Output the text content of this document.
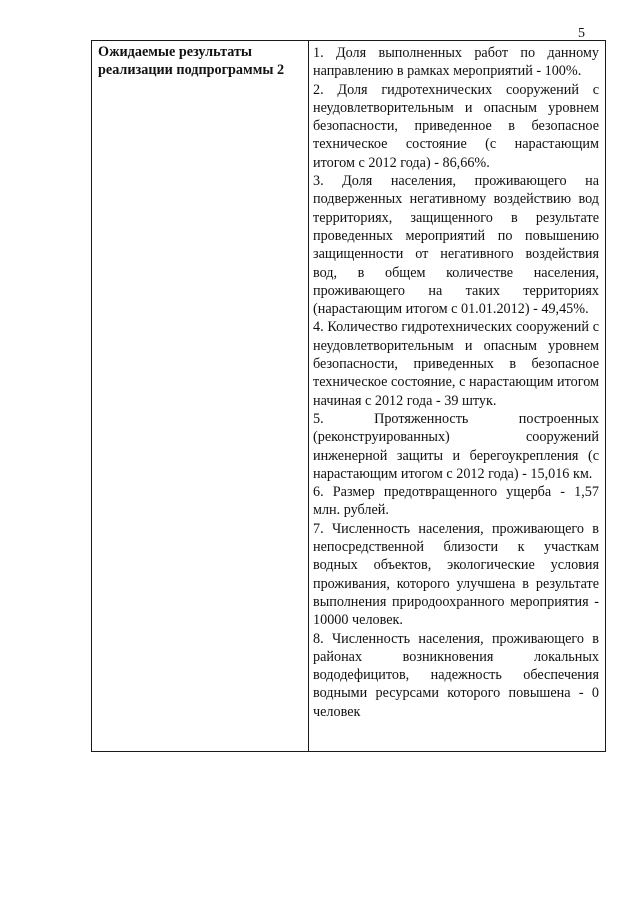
5
Ожидаемые результаты реализации подпрограммы 2

1. Доля выполненных работ по данному направлению в рамках мероприятий - 100%.

2. Доля гидротехнических сооружений с неудовлетворительным и опасным уровнем безопасности, приведенное в безопасное техническое состояние (с нарастающим итогом с 2012 года) - 86,66%.

3. Доля населения, проживающего на подверженных негативному воздействию вод территориях, защищенного в результате проведенных мероприятий по повышению защищенности от негативного воздействия вод, в общем количестве населения, проживающего на таких территориях (нарастающим итогом с 01.01.2012) - 49,45%.

4. Количество гидротехнических сооружений с неудовлетворительным и опасным уровнем безопасности, приведенных в безопасное техническое состояние, с нарастающим итогом начиная с 2012 года - 39 штук.

5. Протяженность построенных (реконструированных) сооружений инженерной защиты и берегоукрепления (с нарастающим итогом с 2012 года) - 15,016 км.

6. Размер предотвращенного ущерба - 1,57 млн. рублей.

7. Численность населения, проживающего в непосредственной близости к участкам водных объектов, экологические условия проживания, которого улучшена в результате выполнения природоохранного мероприятия - 10000 человек.

8. Численность населения, проживающего в районах возникновения локальных вододефицитов, надежность обеспечения водными ресурсами которого повышена - 0 человек
